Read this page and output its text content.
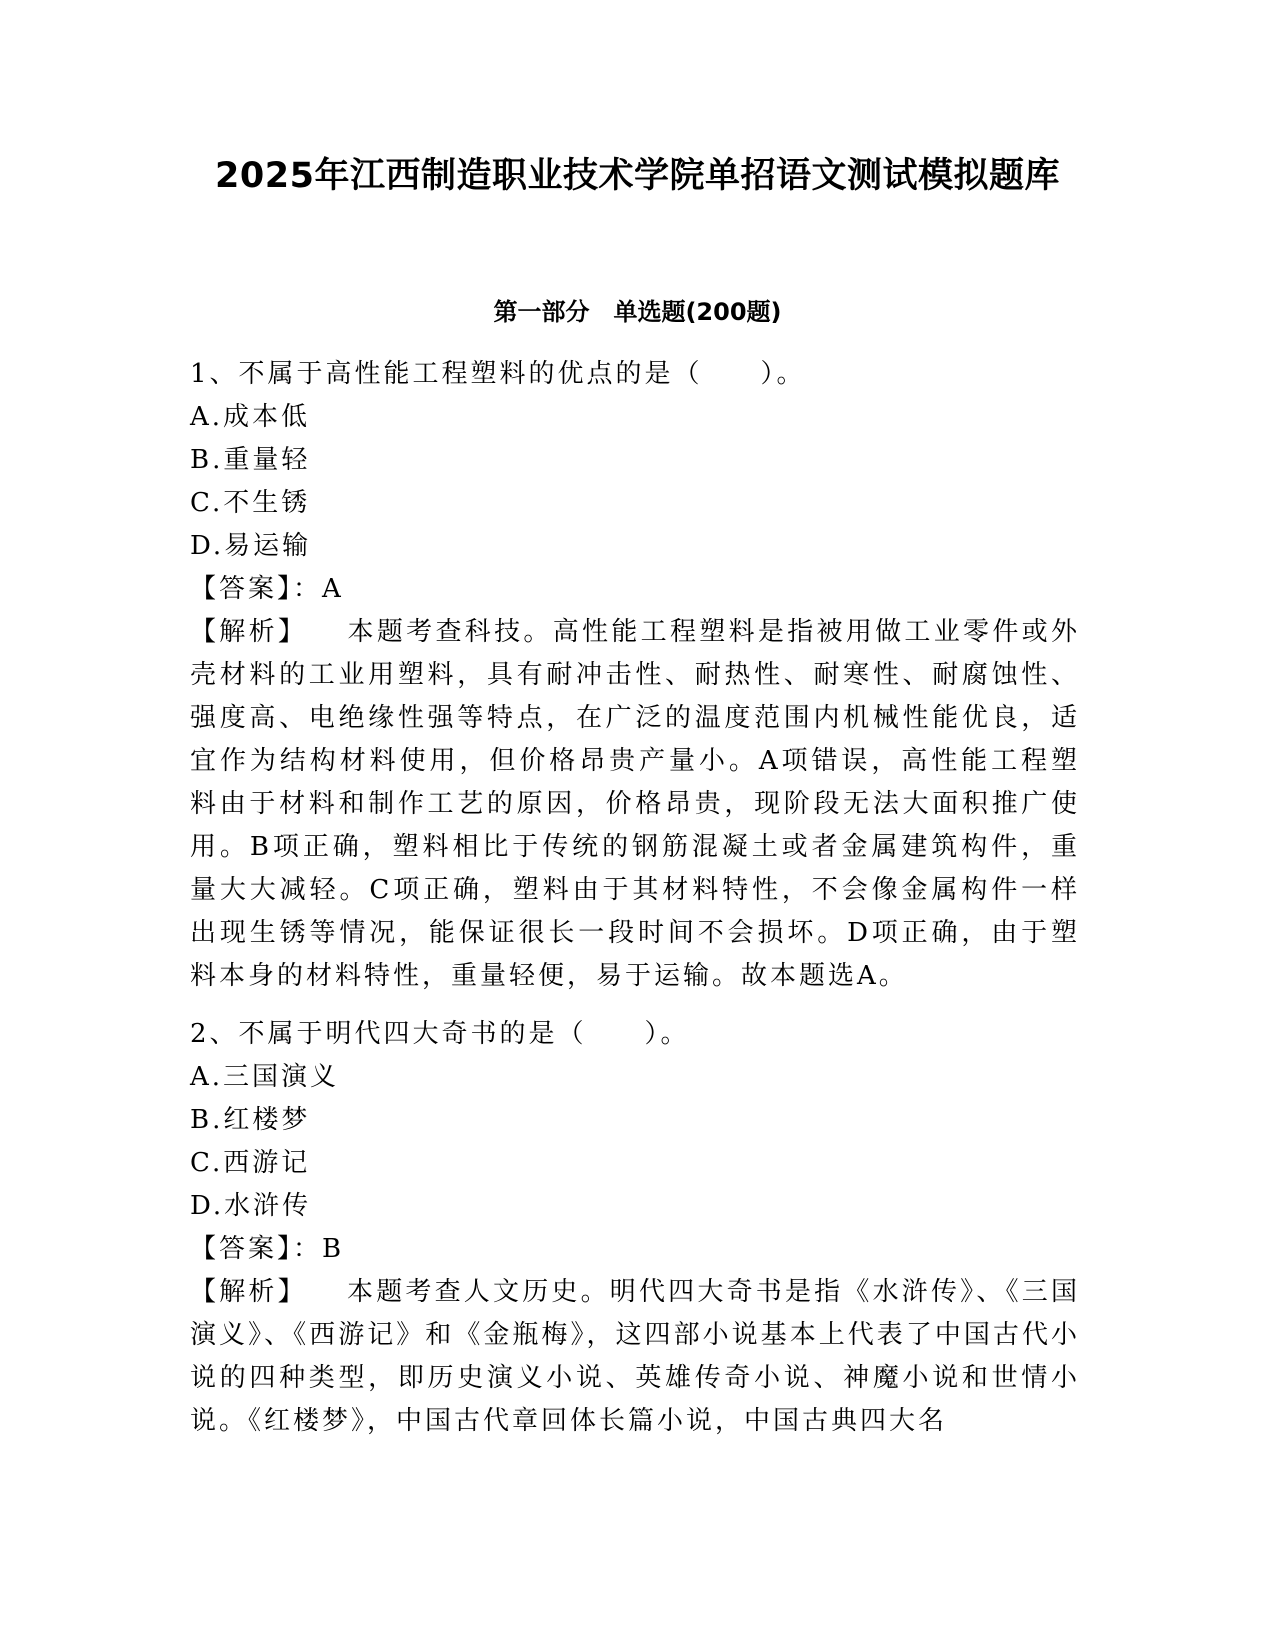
2025年江西制造职业技术学院单招语文测试模拟题库
第一部分　单选题(200题)
1、不属于高性能工程塑料的优点的是（　　）。
A.成本低
B.重量轻
C.不生锈
D.易运输
【答案】：A
【解析】 本题考查科技。高性能工程塑料是指被用做工业零件或外壳材料的工业用塑料，具有耐冲击性、耐热性、耐寒性、耐腐蚀性、强度高、电绝缘性强等特点，在广泛的温度范围内机械性能优良，适宜作为结构材料使用，但价格昂贵产量小。A项错误，高性能工程塑料由于材料和制作工艺的原因，价格昂贵，现阶段无法大面积推广使用。B项正确，塑料相比于传统的钢筋混凝土或者金属建筑构件，重量大大减轻。C项正确，塑料由于其材料特性，不会像金属构件一样出现生锈等情况，能保证很长一段时间不会损坏。D项正确，由于塑料本身的材料特性，重量轻便，易于运输。故本题选A。
2、不属于明代四大奇书的是（　　）。
A.三国演义
B.红楼梦
C.西游记
D.水浒传
【答案】：B
【解析】 本题考查人文历史。明代四大奇书是指《水浒传》、《三国演义》、《西游记》和《金瓶梅》，这四部小说基本上代表了中国古代小说的四种类型，即历史演义小说、英雄传奇小说、神魔小说和世情小说。《红楼梦》，中国古代章回体长篇小说，中国古典四大名
